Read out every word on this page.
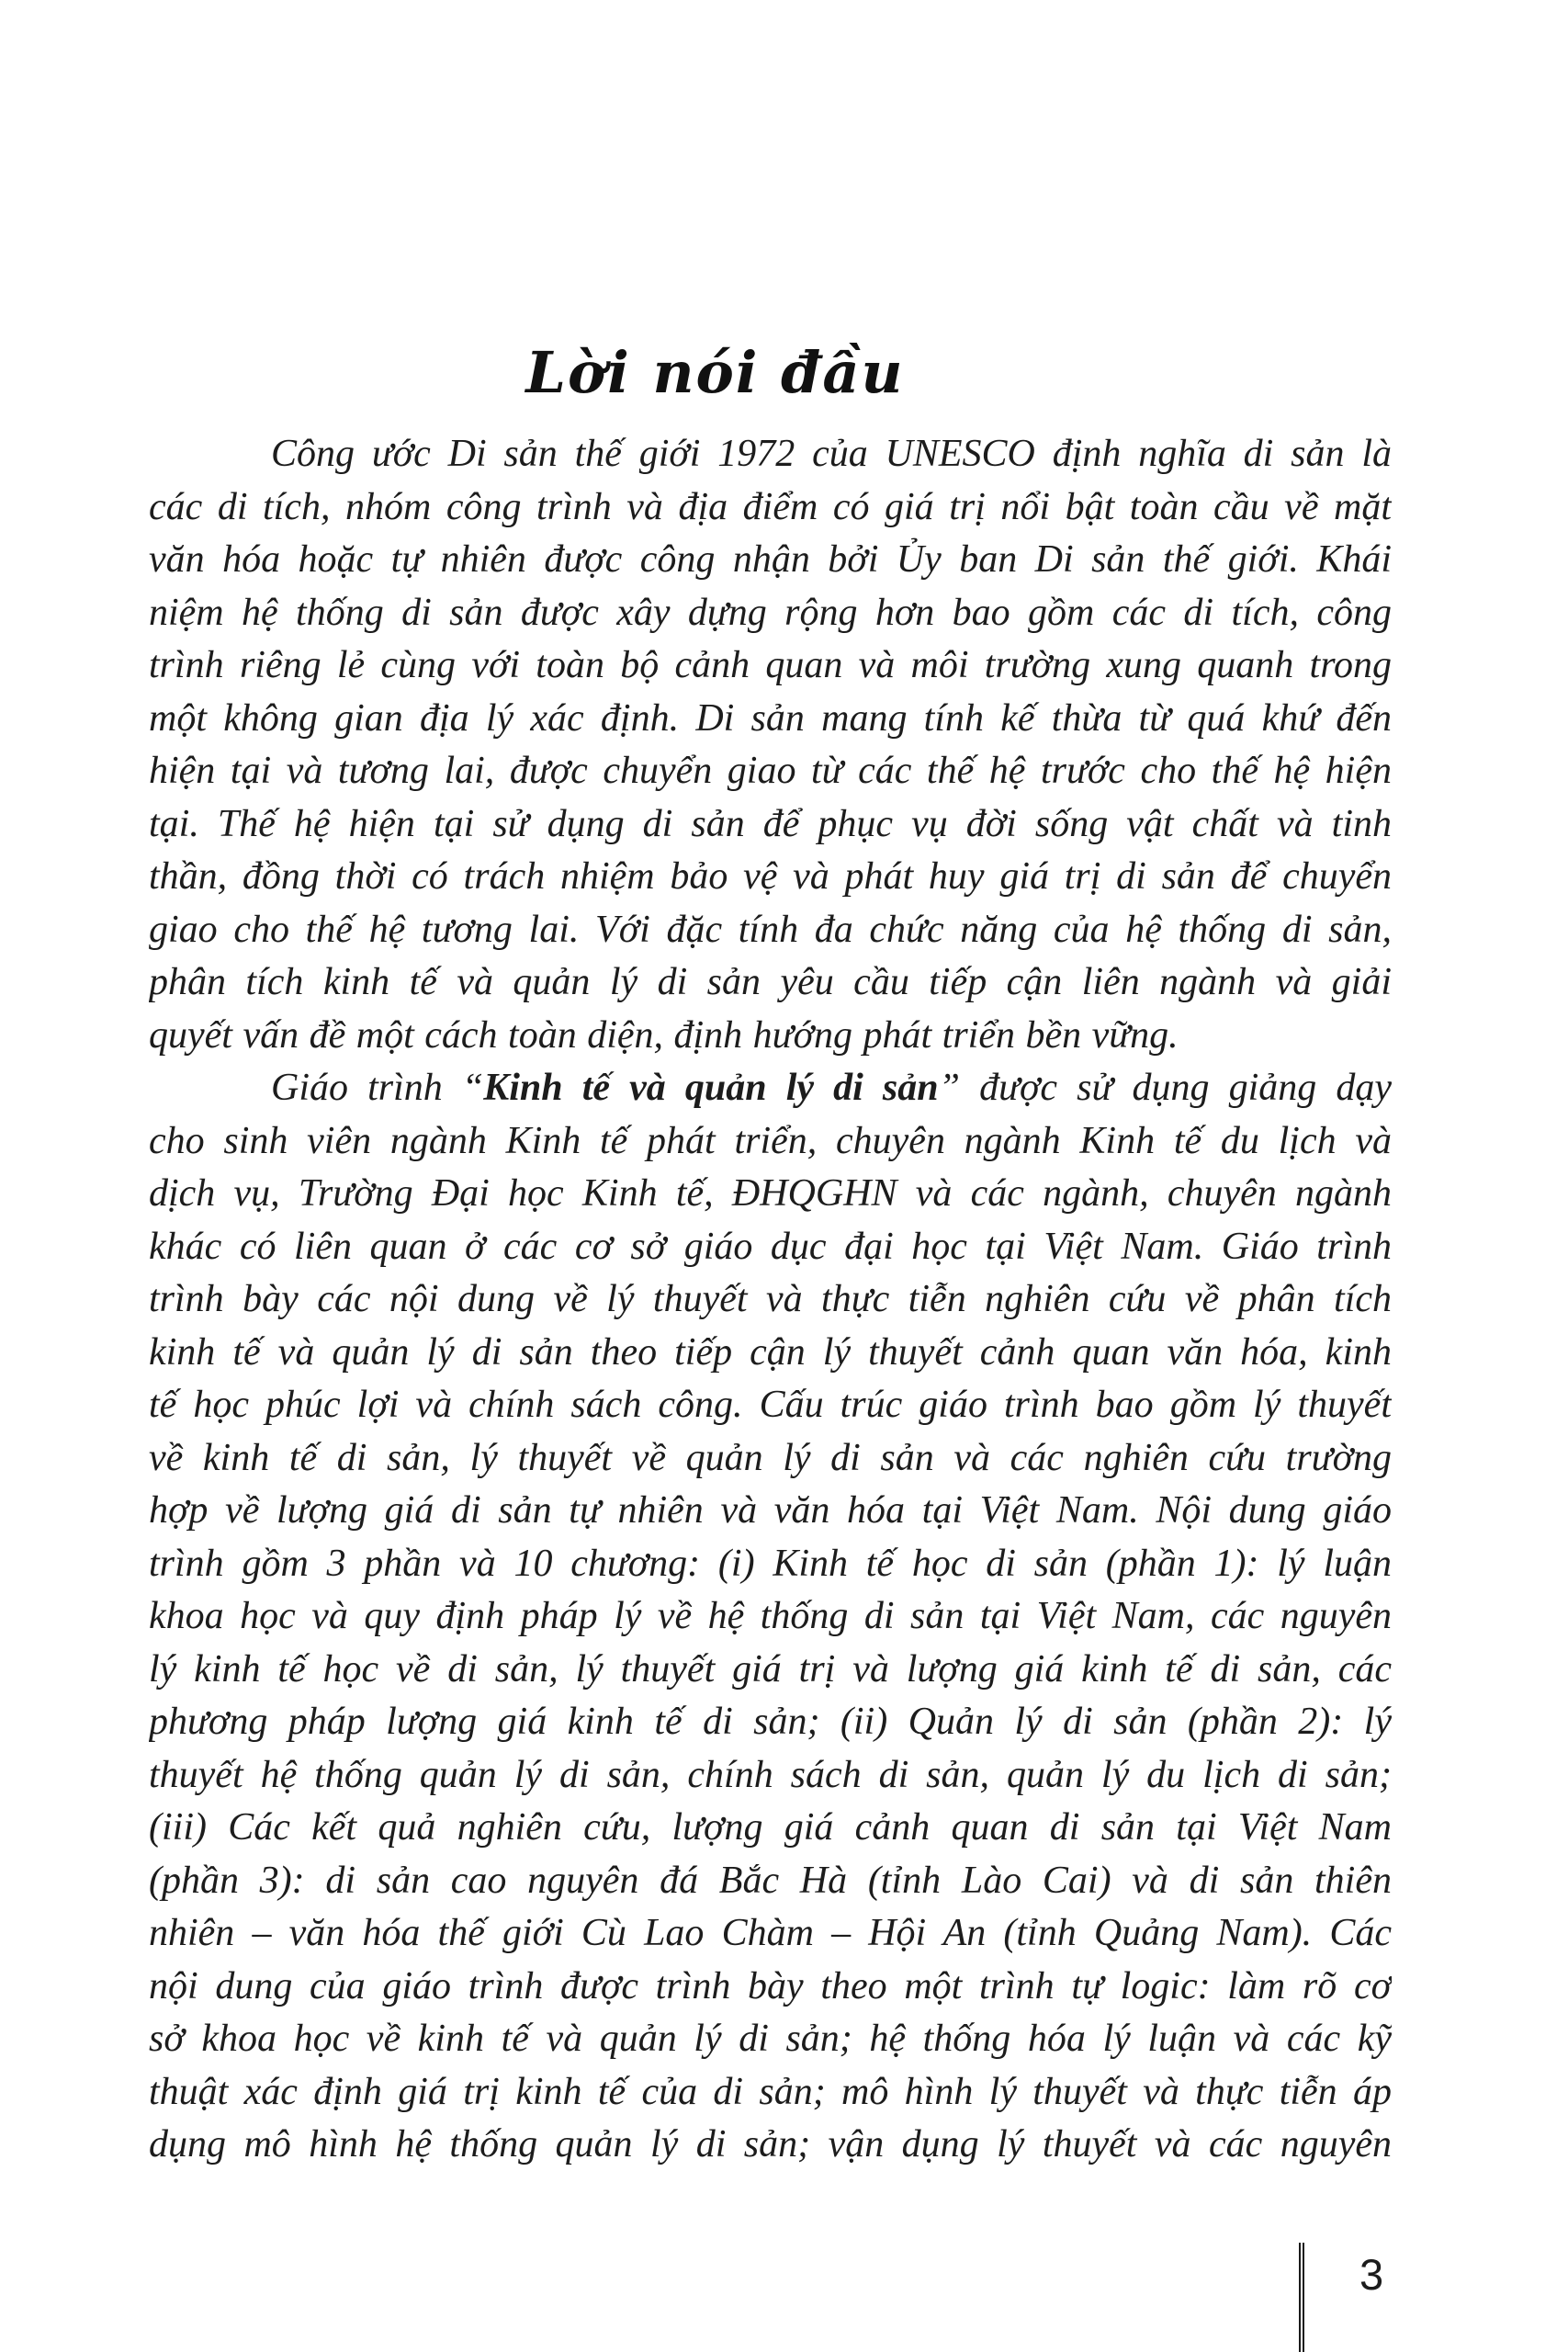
Lời nói đầu
Công ước Di sản thế giới 1972 của UNESCO định nghĩa di sản là
các di tích, nhóm công trình và địa điểm có giá trị nổi bật toàn cầu về mặt
văn hóa hoặc tự nhiên được công nhận bởi Ủy ban Di sản thế giới. Khái
niệm hệ thống di sản được xây dựng rộng hơn bao gồm các di tích, công
trình riêng lẻ cùng với toàn bộ cảnh quan và môi trường xung quanh trong
một không gian địa lý xác định. Di sản mang tính kế thừa từ quá khứ đến
hiện tại và tương lai, được chuyển giao từ các thế hệ trước cho thế hệ hiện
tại. Thế hệ hiện tại sử dụng di sản để phục vụ đời sống vật chất và tinh
thần, đồng thời có trách nhiệm bảo vệ và phát huy giá trị di sản để chuyển
giao cho thế hệ tương lai. Với đặc tính đa chức năng của hệ thống di sản,
phân tích kinh tế và quản lý di sản yêu cầu tiếp cận liên ngành và giải
quyết vấn đề một cách toàn diện, định hướng phát triển bền vững.
Giáo trình “Kinh tế và quản lý di sản” được sử dụng giảng dạy
cho sinh viên ngành Kinh tế phát triển, chuyên ngành Kinh tế du lịch và
dịch vụ, Trường Đại học Kinh tế, ĐHQGHN và các ngành, chuyên ngành
khác có liên quan ở các cơ sở giáo dục đại học tại Việt Nam. Giáo trình
trình bày các nội dung về lý thuyết và thực tiễn nghiên cứu về phân tích
kinh tế và quản lý di sản theo tiếp cận lý thuyết cảnh quan văn hóa, kinh
tế học phúc lợi và chính sách công. Cấu trúc giáo trình bao gồm lý thuyết
về kinh tế di sản, lý thuyết về quản lý di sản và các nghiên cứu trường
hợp về lượng giá di sản tự nhiên và văn hóa tại Việt Nam. Nội dung giáo
trình gồm 3 phần và 10 chương: (i) Kinh tế học di sản (phần 1): lý luận
khoa học và quy định pháp lý về hệ thống di sản tại Việt Nam, các nguyên
lý kinh tế học về di sản, lý thuyết giá trị và lượng giá kinh tế di sản, các
phương pháp lượng giá kinh tế di sản; (ii) Quản lý di sản (phần 2): lý
thuyết hệ thống quản lý di sản, chính sách di sản, quản lý du lịch di sản;
(iii) Các kết quả nghiên cứu, lượng giá cảnh quan di sản tại Việt Nam
(phần 3): di sản cao nguyên đá Bắc Hà (tỉnh Lào Cai) và di sản thiên
nhiên – văn hóa thế giới Cù Lao Chàm – Hội An (tỉnh Quảng Nam). Các
nội dung của giáo trình được trình bày theo một trình tự logic: làm rõ cơ
sở khoa học về kinh tế và quản lý di sản; hệ thống hóa lý luận và các kỹ
thuật xác định giá trị kinh tế của di sản; mô hình lý thuyết và thực tiễn áp
dụng mô hình hệ thống quản lý di sản; vận dụng lý thuyết và các nguyên
3
